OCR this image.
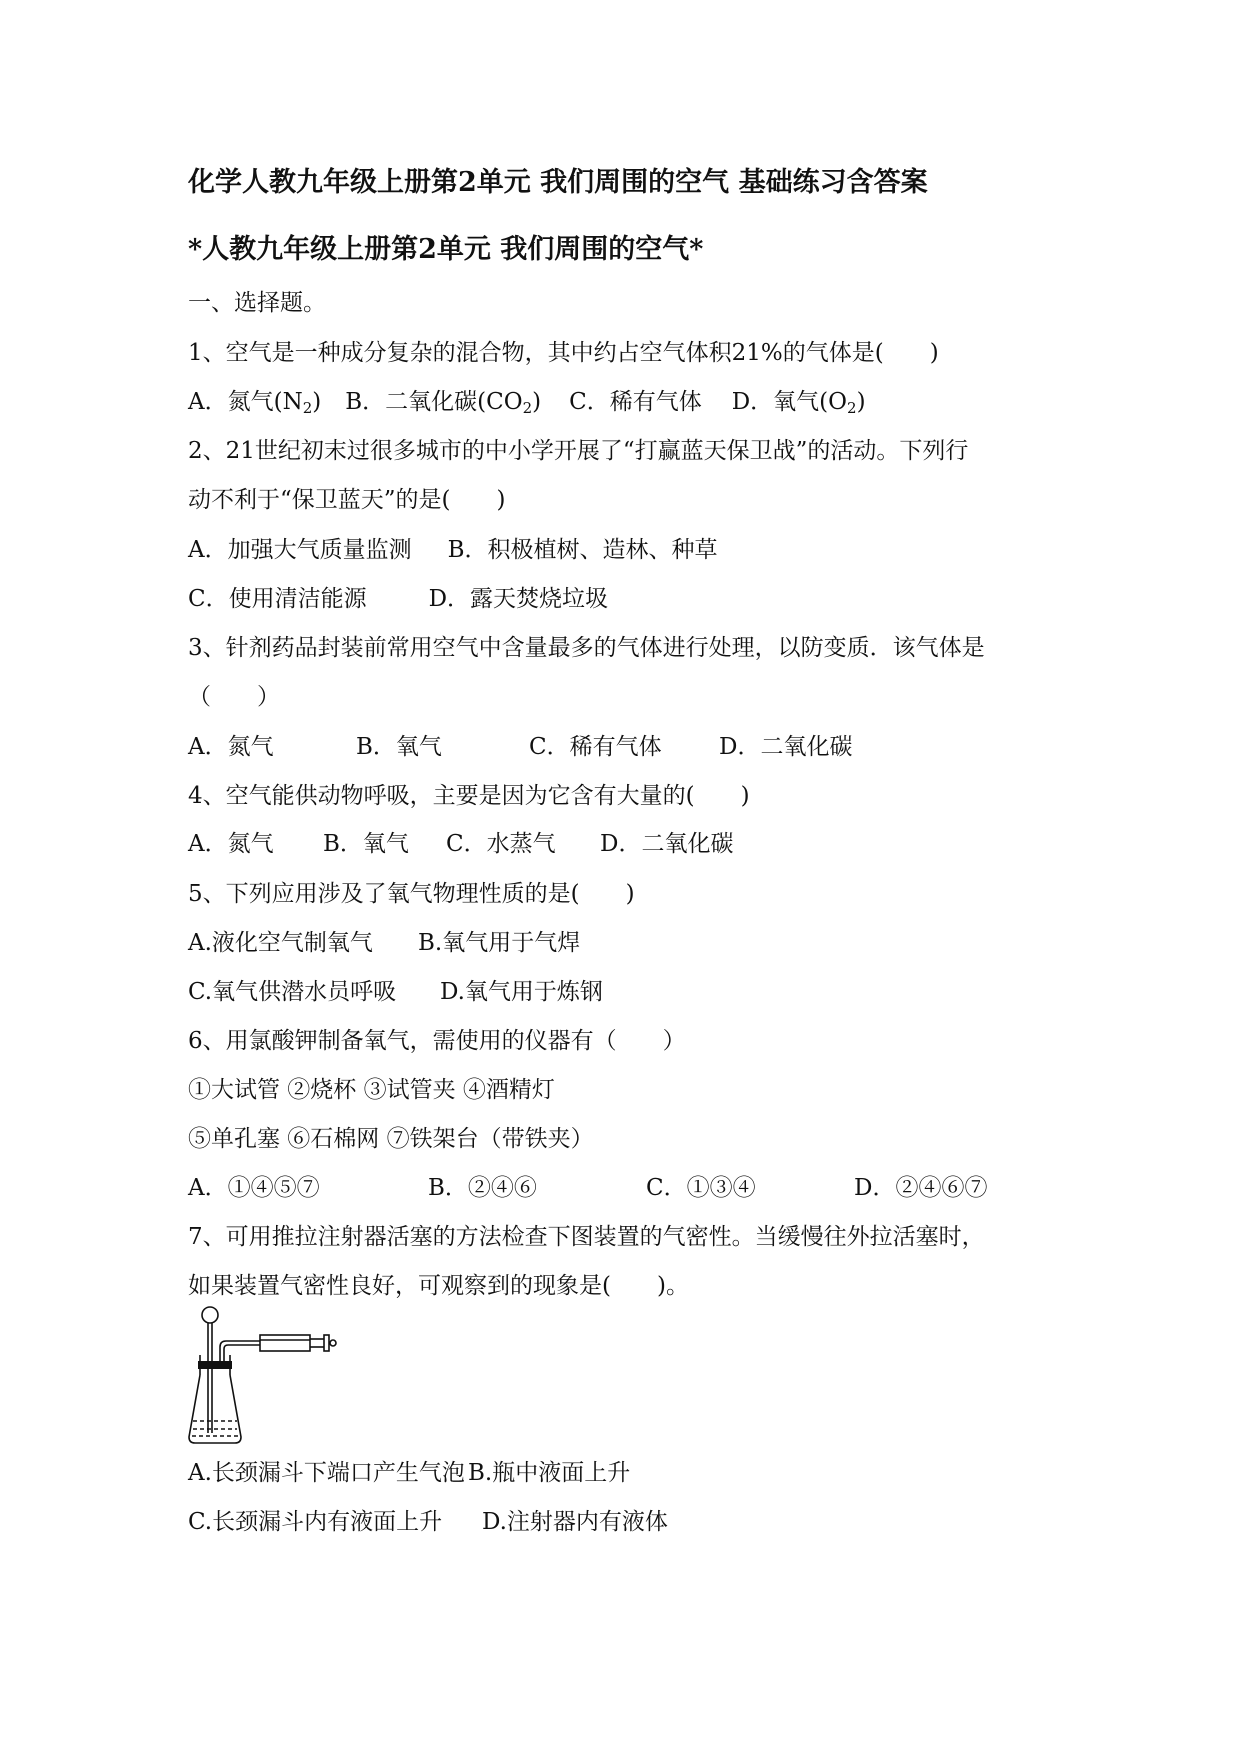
化学人教九年级上册第2单元 我们周围的空气 基础练习含答案
*人教九年级上册第2单元 我们周围的空气*
一、选择题。
1、空气是一种成分复杂的混合物，其中约占空气体积21%的气体是(　　)
A．氮气$(N_2)$ B．二氧化碳$(CO_2)$ C．稀有气体 D．氧气$(O_2)$
2、21世纪初末过很多城市的中小学开展了“打赢蓝天保卫战”的活动。下列行
动不利于“保卫蓝天”的是(　　)
A．加强大气质量监测 B．积极植树、造林、种草
C．使用清洁能源	D．露天焚烧垃圾
3、针剂药品封装前常用空气中含量最多的气体进行处理，以防变质．该气体是
（　　）
A．氮气	B．氧气	C．稀有气体 D．二氧化碳
4、空气能供动物呼吸，主要是因为它含有大量的(　　)
A．氮气 B．氧气 C．水蒸气 D．二氧化碳
5、下列应用涉及了氧气物理性质的是(　　)
A.液化空气制氧气 B.氧气用于气焊
C.氧气供潜水员呼吸 D.氧气用于炼钢
6、用氯酸钾制备氧气，需使用的仪器有（　　）
①大试管 ②烧杯 ③试管夹 ④酒精灯
⑤单孔塞 ⑥石棉网 ⑦铁架台（带铁夹）
A．①④⑤⑦	B．②④⑥	C．①③④	D．②④⑥⑦
7、可用推拉注射器活塞的方法检查下图装置的气密性。当缓慢往外拉活塞时，
如果装置气密性良好，可观察到的现象是(　　)。
A.长颈漏斗下端口产生气泡 B.瓶中液面上升
C.长颈漏斗内有液面上升 D.注射器内有液体
